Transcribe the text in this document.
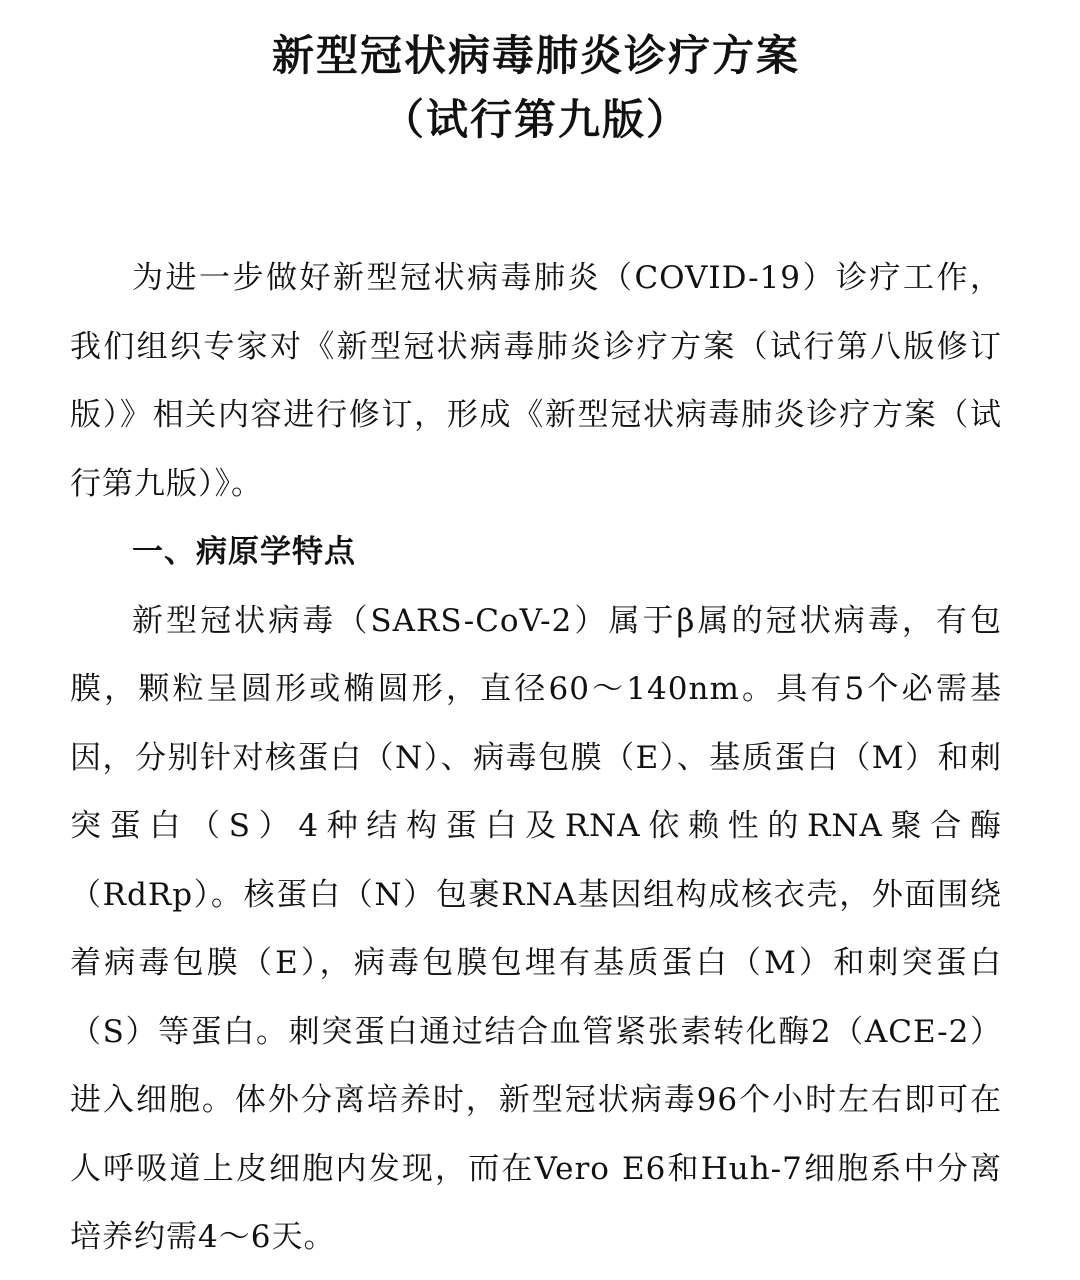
新型冠状病毒肺炎诊疗方案
（试行第九版）

为进一步做好新型冠状病毒肺炎（COVID-19）诊疗工作，我们组织专家对《新型冠状病毒肺炎诊疗方案（试行第八版修订版）》相关内容进行修订，形成《新型冠状病毒肺炎诊疗方案（试行第九版）》。

一、病原学特点

新型冠状病毒（SARS-CoV-2）属于β属的冠状病毒，有包膜，颗粒呈圆形或椭圆形，直径60～140nm。具有5个必需基因，分别针对核蛋白（N）、病毒包膜（E）、基质蛋白（M）和刺突蛋白（S）4种结构蛋白及RNA依赖性的RNA聚合酶（RdRp）。核蛋白（N）包裹RNA基因组构成核衣壳，外面围绕着病毒包膜（E），病毒包膜包埋有基质蛋白（M）和刺突蛋白（S）等蛋白。刺突蛋白通过结合血管紧张素转化酶2（ACE-2）进入细胞。体外分离培养时，新型冠状病毒96个小时左右即可在人呼吸道上皮细胞内发现，而在Vero E6和Huh-7细胞系中分离培养约需4～6天。
